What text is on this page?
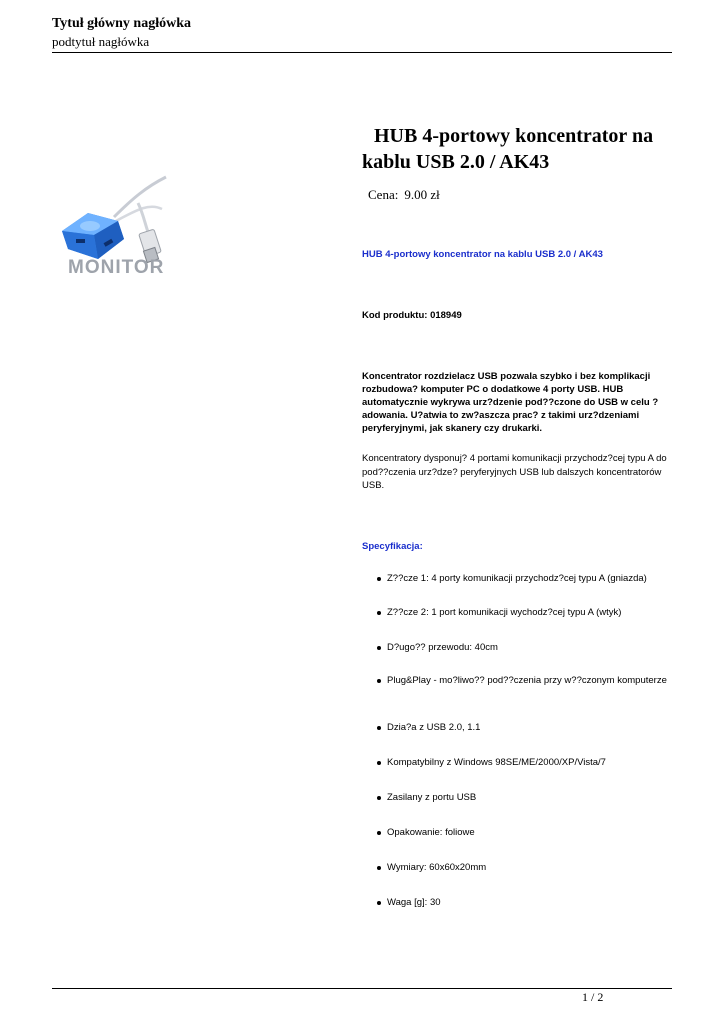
Tytuł główny nagłówka
podtytuł nagłówka
MONITOR
HUB 4-portowy koncentrator na kablu USB 2.0 / AK43
Cena: 9.00 zł
HUB 4-portowy koncentrator na kablu USB 2.0 / AK43
Kod produktu: 018949
Koncentrator rozdzielacz USB pozwala szybko i bez komplikacji rozbudowa? komputer PC o dodatkowe 4 porty USB. HUB automatycznie wykrywa urz?dzenie pod??czone do USB w celu ?adowania. U?atwia to zw?aszcza prac? z takimi urz?dzeniami peryferyjnymi, jak skanery czy drukarki.
Koncentratory dysponuj? 4 portami komunikacji przychodz?cej typu A do pod??czenia urz?dze? peryferyjnych USB lub dalszych koncentratorów USB.
Specyfikacja:
Z??cze 1: 4 porty komunikacji przychodz?cej typu A (gniazda)
Z??cze 2: 1 port komunikacji wychodz?cej typu A (wtyk)
D?ugo?? przewodu: 40cm
Plug&Play - mo?liwo?? pod??czenia przy w??czonym komputerze
Dzia?a z USB 2.0, 1.1
Kompatybilny z Windows 98SE/ME/2000/XP/Vista/7
Zasilany z portu USB
Opakowanie: foliowe
Wymiary: 60x60x20mm
Waga [g]: 30
1 / 2
